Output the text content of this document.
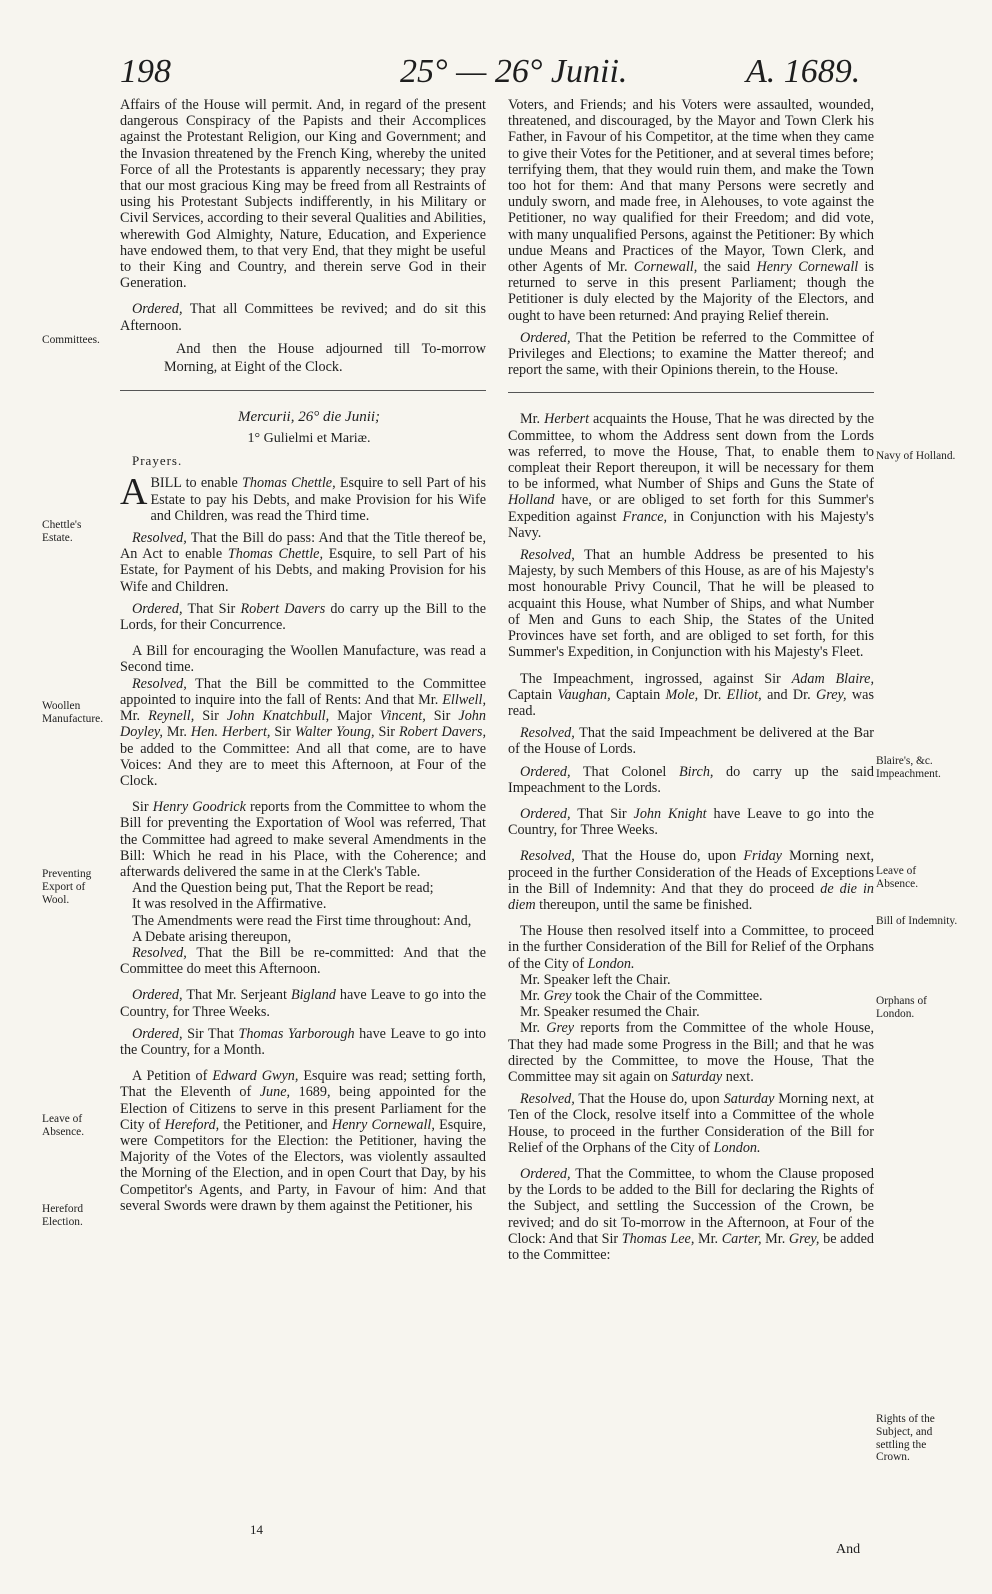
198	25° — 26° Junii.	A. 1689.

Affairs of the House will permit. And, in regard of the present dangerous Conspiracy of the Papists and their Accomplices against the Protestant Religion, our King and Government; and the Invasion threatened by the French King, whereby the united Force of all the Protestants is apparently necessary; they pray that our most gracious King may be freed from all Restraints of using his Protestant Subjects indifferently, in his Military or Civil Services, according to their several Qualities and Abilities, wherewith God Almighty, Nature, Education, and Experience have endowed them, to that very End, that they might be useful to their King and Country, and therein serve God in their Generation.

Ordered, That all Committees be revived; and do sit this Afternoon.

And then the House adjourned till To-morrow Morning, at Eight of the Clock.

Mercurii, 26° die Junii;

1° Gulielmi et Mariæ.

Prayers.

ABILL to enable Thomas Chettle, Esquire to sell Part of his Estate to pay his Debts, and make Provision for his Wife and Children, was read the Third time.

Resolved, That the Bill do pass: And that the Title thereof be, An Act to enable Thomas Chettle, Esquire, to sell Part of his Estate, for Payment of his Debts, and making Provision for his Wife and Children.

Ordered, That Sir Robert Davers do carry up the Bill to the Lords, for their Concurrence.

A Bill for encouraging the Woollen Manufacture, was read a Second time.

Resolved, That the Bill be committed to the Committee appointed to inquire into the fall of Rents: And that Mr. Ellwell, Mr. Reynell, Sir John Knatchbull, Major Vincent, Sir John Doyley, Mr. Hen. Herbert, Sir Walter Young, Sir Robert Davers, be added to the Committee: And all that come, are to have Voices: And they are to meet this Afternoon, at Four of the Clock.

Sir Henry Goodrick reports from the Committee to whom the Bill for preventing the Exportation of Wool was referred, That the Committee had agreed to make several Amendments in the Bill: Which he read in his Place, with the Coherence; and afterwards delivered the same in at the Clerk's Table.

And the Question being put, That the Report be read;

It was resolved in the Affirmative.

The Amendments were read the First time throughout: And,

A Debate arising thereupon,

Resolved, That the Bill be re-committed: And that the Committee do meet this Afternoon.

Ordered, That Mr. Serjeant Bigland have Leave to go into the Country, for Three Weeks.

Ordered, Sir That Thomas Yarborough have Leave to go into the Country, for a Month.

A Petition of Edward Gwyn, Esquire was read; setting forth, That the Eleventh of June, 1689, being appointed for the Election of Citizens to serve in this present Parliament for the City of Hereford, the Petitioner, and Henry Cornewall, Esquire, were Competitors for the Election: the Petitioner, having the Majority of the Votes of the Electors, was violently assaulted the Morning of the Election, and in open Court that Day, by his Competitor's Agents, and Party, in Favour of him: And that several Swords were drawn by them against the Petitioner, his

Voters, and Friends; and his Voters were assaulted, wounded, threatened, and discouraged, by the Mayor and Town Clerk his Father, in Favour of his Competitor, at the time when they came to give their Votes for the Petitioner, and at several times before; terrifying them, that they would ruin them, and make the Town too hot for them: And that many Persons were secretly and unduly sworn, and made free, in Alehouses, to vote against the Petitioner, no way qualified for their Freedom; and did vote, with many unqualified Persons, against the Petitioner: By which undue Means and Practices of the Mayor, Town Clerk, and other Agents of Mr. Cornewall, the said Henry Cornewall is returned to serve in this present Parliament; though the Petitioner is duly elected by the Majority of the Electors, and ought to have been returned: And praying Relief therein.

Ordered, That the Petition be referred to the Committee of Privileges and Elections; to examine the Matter thereof; and report the same, with their Opinions therein, to the House.

Mr. Herbert acquaints the House, That he was directed by the Committee, to whom the Address sent down from the Lords was referred, to move the House, That, to enable them to compleat their Report thereupon, it will be necessary for them to be informed, what Number of Ships and Guns the State of Holland have, or are obliged to set forth for this Summer's Expedition against France, in Conjunction with his Majesty's Navy.

Resolved, That an humble Address be presented to his Majesty, by such Members of this House, as are of his Majesty's most honourable Privy Council, That he will be pleased to acquaint this House, what Number of Ships, and what Number of Men and Guns to each Ship, the States of the United Provinces have set forth, and are obliged to set forth, for this Summer's Expedition, in Conjunction with his Majesty's Fleet.

The Impeachment, ingrossed, against Sir Adam Blaire, Captain Vaughan, Captain Mole, Dr. Elliot, and Dr. Grey, was read.

Resolved, That the said Impeachment be delivered at the Bar of the House of Lords.

Ordered, That Colonel Birch, do carry up the said Impeachment to the Lords.

Ordered, That Sir John Knight have Leave to go into the Country, for Three Weeks.

Resolved, That the House do, upon Friday Morning next, proceed in the further Consideration of the Heads of Exceptions in the Bill of Indemnity: And that they do proceed de die in diem thereupon, until the same be finished.

The House then resolved itself into a Committee, to proceed in the further Consideration of the Bill for Relief of the Orphans of the City of London.

Mr. Speaker left the Chair.

Mr. Grey took the Chair of the Committee.

Mr. Speaker resumed the Chair.

Mr. Grey reports from the Committee of the whole House, That they had made some Progress in the Bill; and that he was directed by the Committee, to move the House, That the Committee may sit again on Saturday next.

Resolved, That the House do, upon Saturday Morning next, at Ten of the Clock, resolve itself into a Committee of the whole House, to proceed in the further Consideration of the Bill for Relief of the Orphans of the City of London.

Ordered, That the Committee, to whom the Clause proposed by the Lords to be added to the Bill for declaring the Rights of the Subject, and settling the Succession of the Crown, be revived; and do sit To-morrow in the Afternoon, at Four of the Clock: And that Sir Thomas Lee, Mr. Carter, Mr. Grey, be added to the Committee:

Committees.
Chettle's Estate.
Woollen Manufacture.
Preventing Export of Wool.
Leave of Absence.
Hereford Election.
Navy of Holland.
Blaire's, &c. Impeachment.
Leave of Absence.
Bill of Indemnity.
Orphans of London.
Rights of the Subject, and settling the Crown.
14
And
